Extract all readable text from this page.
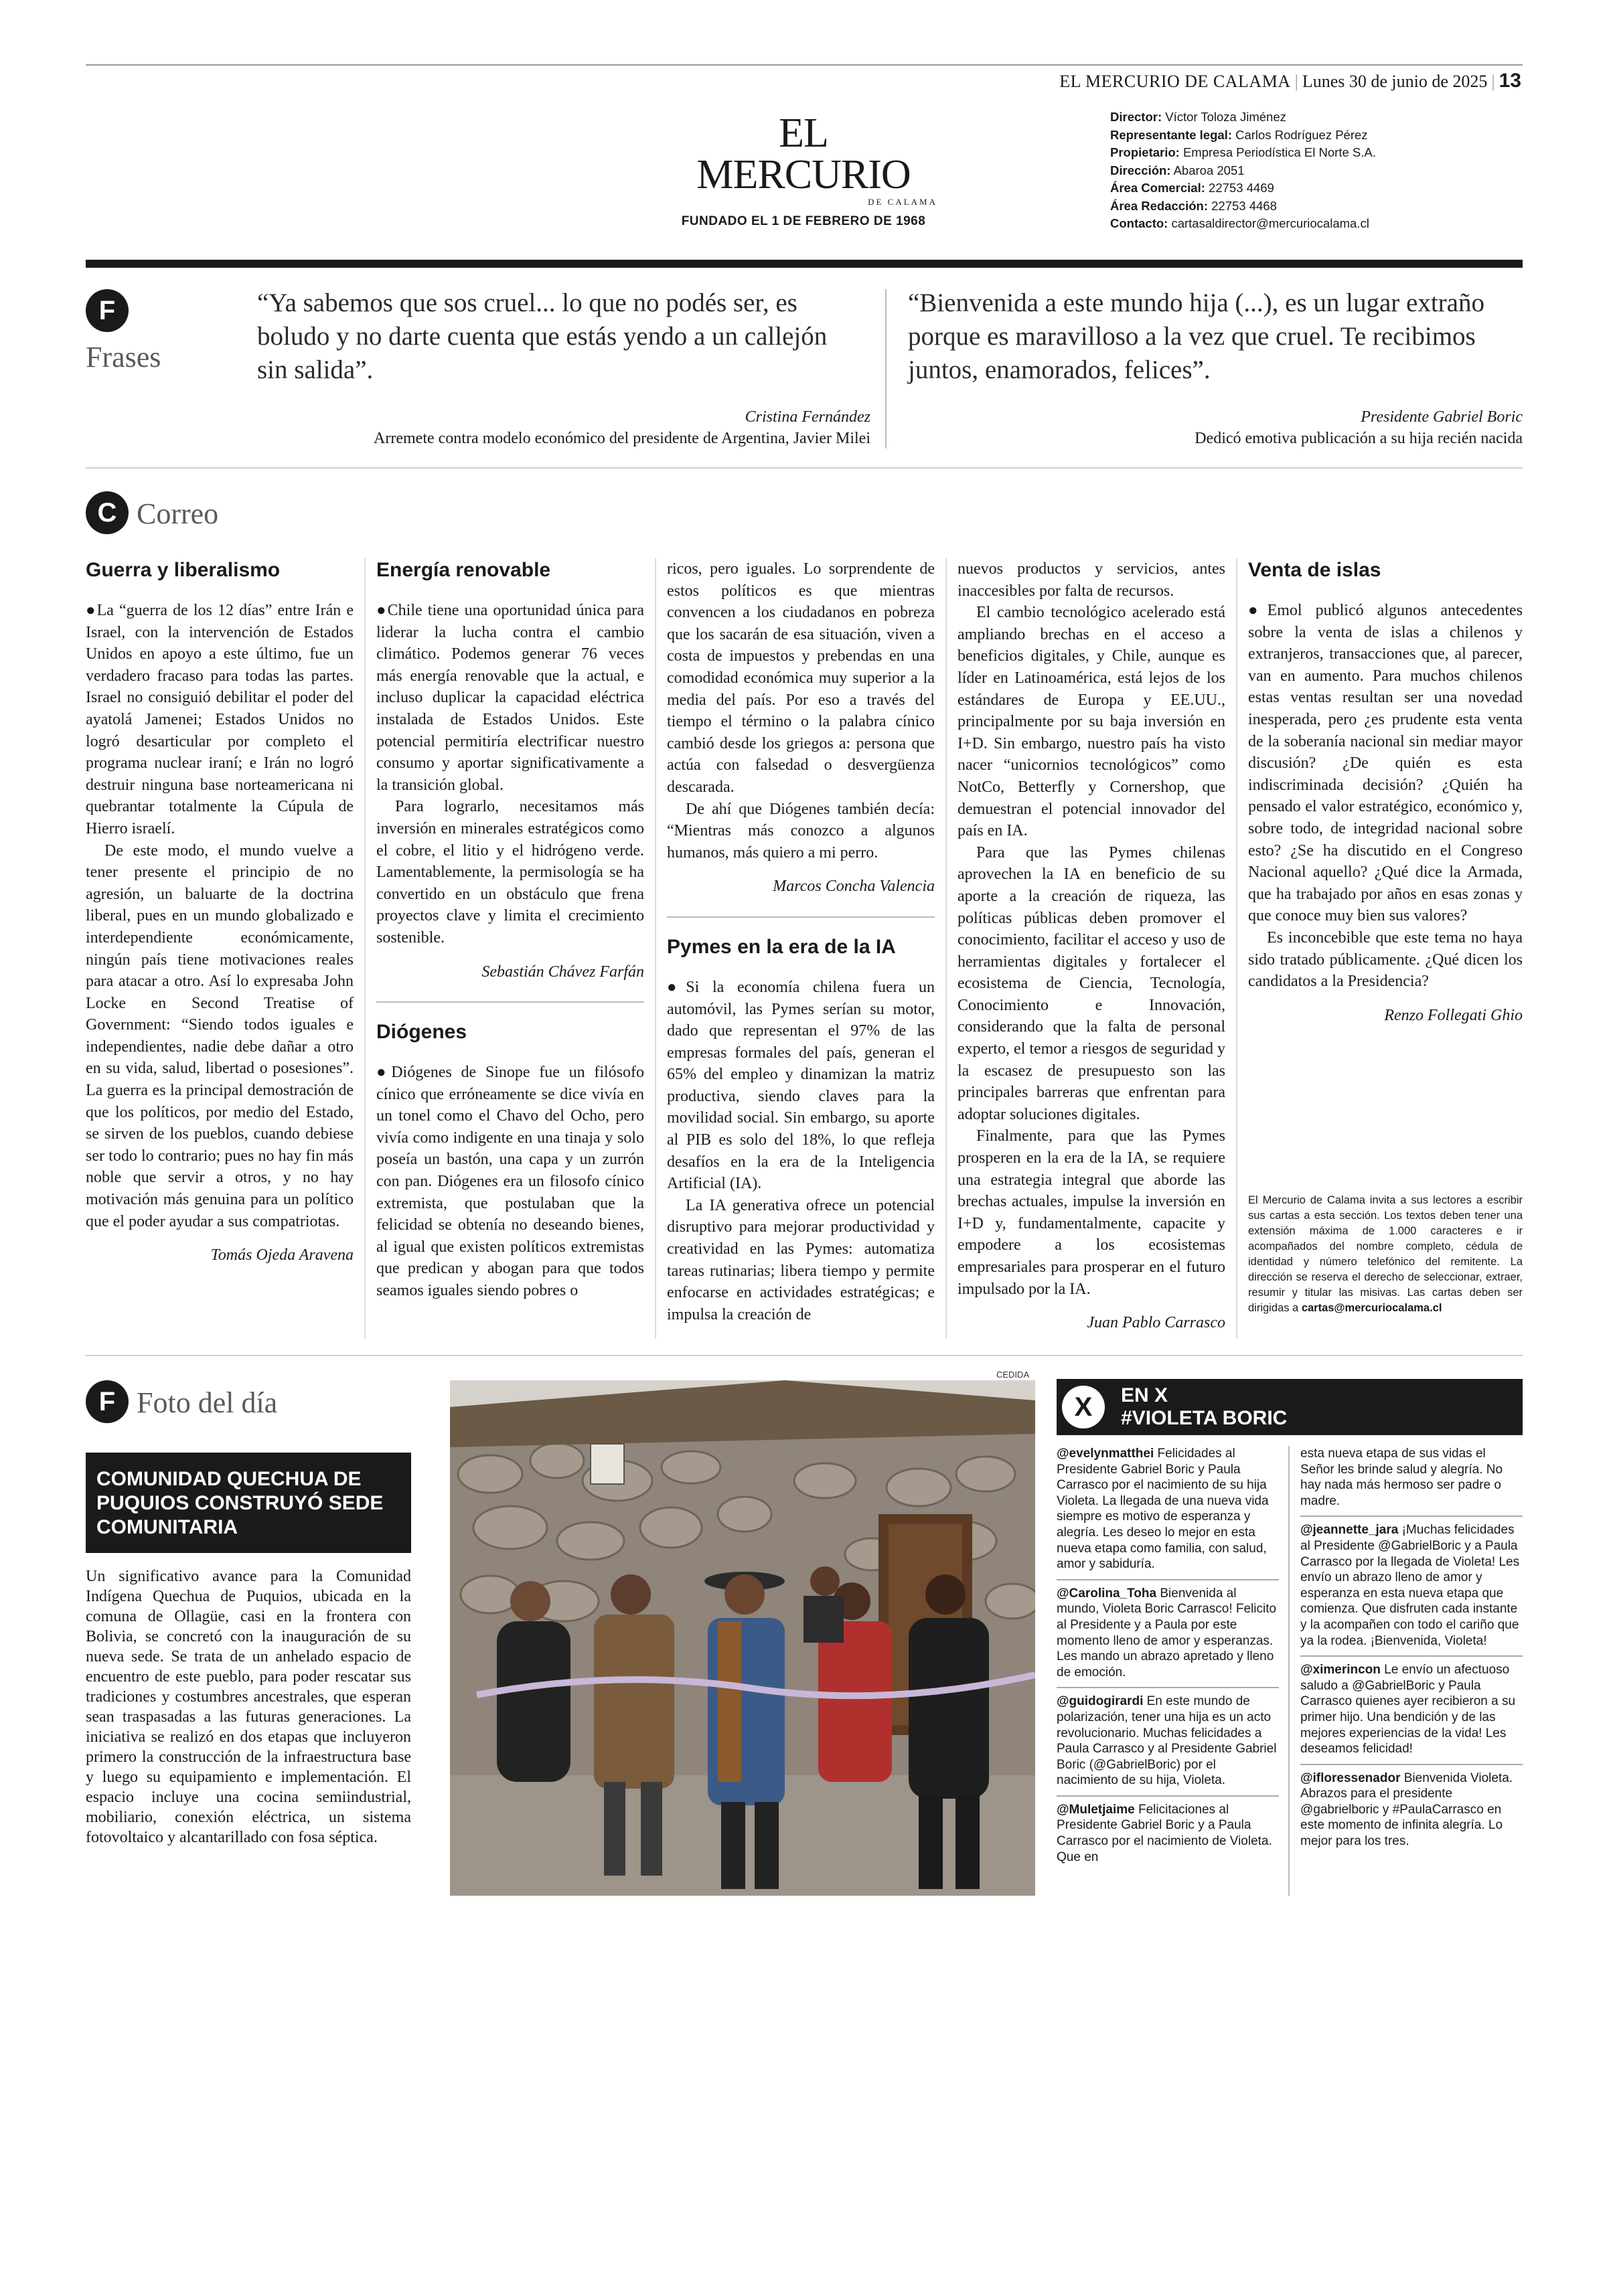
EL MERCURIO DE CALAMA | Lunes 30 de junio de 2025 | 13
EL MERCURIO
DE CALAMA
FUNDADO EL 1 DE FEBRERO DE 1968
Director: Víctor Toloza Jiménez
Representante legal: Carlos Rodríguez Pérez
Propietario: Empresa Periodística El Norte S.A.
Dirección: Abaroa 2051
Área Comercial: 22753 4469
Área Redacción: 22753 4468
Contacto: cartasaldirector@mercuriocalama.cl
F
Frases
“Ya sabemos que sos cruel... lo que no podés ser, es boludo y no darte cuenta que estás yendo a un callejón sin salida”.
Cristina Fernández
Arremete contra modelo económico del presidente de Argentina, Javier Milei
“Bienvenida a este mundo hija (...), es un lugar extraño porque es maravilloso a la vez que cruel. Te recibimos juntos, enamorados, felices”.
Presidente Gabriel Boric
Dedicó emotiva publicación a su hija recién nacida
C Correo
Guerra y liberalismo

●La “guerra de los 12 días” entre Irán e Israel, con la intervención de Estados Unidos en apoyo a este último, fue un verdadero fracaso para todas las partes. Israel no consiguió debilitar el poder del ayatolá Jamenei; Estados Unidos no logró desarticular por completo el programa nuclear iraní; e Irán no logró destruir ninguna base norteamericana ni quebrantar totalmente la Cúpula de Hierro israelí.

De este modo, el mundo vuelve a tener presente el principio de no agresión, un baluarte de la doctrina liberal, pues en un mundo globalizado e interdependiente económicamente, ningún país tiene motivaciones reales para atacar a otro. Así lo expresaba John Locke en Second Treatise of Government: “Siendo todos iguales e independientes, nadie debe dañar a otro en su vida, salud, libertad o posesiones”. La guerra es la principal demostración de que los políticos, por medio del Estado, se sirven de los pueblos, cuando debiese ser todo lo contrario; pues no hay fin más noble que servir a otros, y no hay motivación más genuina para un político que el poder ayudar a sus compatriotas.

Tomás Ojeda Aravena

Energía renovable

●Chile tiene una oportunidad única para liderar la lucha contra el cambio climático. Podemos generar 76 veces más energía renovable que la actual, e incluso duplicar la capacidad eléctrica instalada de Estados Unidos. Este potencial permitiría electrificar nuestro consumo y aportar significativamente a la transición global.

Para lograrlo, necesitamos más inversión en minerales estratégicos como el cobre, el litio y el hidrógeno verde. Lamentablemente, la permisología se ha convertido en un obstáculo que frena proyectos clave y limita el crecimiento sostenible.

Sebastián Chávez Farfán

Diógenes

●Diógenes de Sinope fue un filósofo cínico que erróneamente se dice vivía en un tonel como el Chavo del Ocho, pero vivía como indigente en una tinaja y solo poseía un bastón, una capa y un zurrón con pan. Diógenes era un filosofo cínico extremista, que postulaban que la felicidad se obtenía no deseando bienes, al igual que existen políticos extremistas que predican y abogan para que todos seamos iguales siendo pobres o

ricos, pero iguales. Lo sorprendente de estos políticos es que mientras convencen a los ciudadanos en pobreza que los sacarán de esa situación, viven a costa de impuestos y prebendas en una comodidad económica muy superior a la media del país. Por eso a través del tiempo el término o la palabra cínico cambió desde los griegos a: persona que actúa con falsedad o desvergüenza descarada.

De ahí que Diógenes también decía: “Mientras más conozco a algunos humanos, más quiero a mi perro.

Marcos Concha Valencia

Pymes en la era de la IA

●Si la economía chilena fuera un automóvil, las Pymes serían su motor, dado que representan el 97% de las empresas formales del país, generan el 65% del empleo y dinamizan la matriz productiva, siendo claves para la movilidad social. Sin embargo, su aporte al PIB es solo del 18%, lo que refleja desafíos en la era de la Inteligencia Artificial (IA).

La IA generativa ofrece un potencial disruptivo para mejorar productividad y creatividad en las Pymes: automatiza tareas rutinarias; libera tiempo y permite enfocarse en actividades estratégicas; e impulsa la creación de

nuevos productos y servicios, antes inaccesibles por falta de recursos.

El cambio tecnológico acelerado está ampliando brechas en el acceso a beneficios digitales, y Chile, aunque es líder en Latinoamérica, está lejos de los estándares de Europa y EE.UU., principalmente por su baja inversión en I+D. Sin embargo, nuestro país ha visto nacer “unicornios tecnológicos” como NotCo, Betterfly y Cornershop, que demuestran el potencial innovador del país en IA.

Para que las Pymes chilenas aprovechen la IA en beneficio de su aporte a la creación de riqueza, las políticas públicas deben promover el conocimiento, facilitar el acceso y uso de herramientas digitales y fortalecer el ecosistema de Ciencia, Tecnología, Conocimiento e Innovación, considerando que la falta de personal experto, el temor a riesgos de seguridad y la escasez de presupuesto son las principales barreras que enfrentan para adoptar soluciones digitales.

Finalmente, para que las Pymes prosperen en la era de la IA, se requiere una estrategia integral que aborde las brechas actuales, impulse la inversión en I+D y, fundamentalmente, capacite y empodere a los ecosistemas empresariales para prosperar en el futuro impulsado por la IA.

Juan Pablo Carrasco

Venta de islas

●Emol publicó algunos antecedentes sobre la venta de islas a chilenos y extranjeros, transacciones que, al parecer, van en aumento. Para muchos chilenos estas ventas resultan ser una novedad inesperada, pero ¿es prudente esta venta de la soberanía nacional sin mediar mayor discusión? ¿De quién es esta indiscriminada decisión? ¿Quién ha pensado el valor estratégico, económico y, sobre todo, de integridad nacional sobre esto? ¿Se ha discutido en el Congreso Nacional aquello? ¿Qué dice la Armada, que ha trabajado por años en esas zonas y que conoce muy bien sus valores?

Es inconcebible que este tema no haya sido tratado públicamente. ¿Qué dicen los candidatos a la Presidencia?

Renzo Follegati Ghio

El Mercurio de Calama invita a sus lectores a escribir sus cartas a esta sección. Los textos deben tener una extensión máxima de 1.000 caracteres e ir acompañados del nombre completo, cédula de identidad y número telefónico del remitente. La dirección se reserva el derecho de seleccionar, extraer, resumir y titular las misivas. Las cartas deben ser dirigidas a cartas@mercuriocalama.cl
F Foto del día
COMUNIDAD QUECHUA DE PUQUIOS CONSTRUYÓ SEDE COMUNITARIA
Un significativo avance para la Comunidad Indígena Quechua de Puquios, ubicada en la comuna de Ollagüe, casi en la frontera con Bolivia, se concretó con la inauguración de su nueva sede. Se trata de un anhelado espacio de encuentro de este pueblo, para poder rescatar sus tradiciones y costumbres ancestrales, que esperan sean traspasadas a las futuras generaciones. La iniciativa se realizó en dos etapas que incluyeron primero la construcción de la infraestructura base y luego su equipamiento e implementación. El espacio incluye una cocina semiindustrial, mobiliario, conexión eléctrica, un sistema fotovoltaico y alcantarillado con fosa séptica.
CEDIDA
X	EN X
#VIOLETA BORIC
@evelynmatthei Felicidades al Presidente Gabriel Boric y Paula Carrasco por el nacimiento de su hija Violeta. La llegada de una nueva vida siempre es motivo de esperanza y alegría. Les deseo lo mejor en esta nueva etapa como familia, con salud, amor y sabiduría.
@Carolina_Toha Bienvenida al mundo, Violeta Boric Carrasco! Felicito al Presidente y a Paula por este momento lleno de amor y esperanzas. Les mando un abrazo apretado y lleno de emoción.
@guidogirardi En este mundo de polarización, tener una hija es un acto revolucionario. Muchas felicidades a Paula Carrasco y al Presidente Gabriel Boric (@GabrielBoric) por el nacimiento de su hija, Violeta.
@Muletjaime Felicitaciones al Presidente Gabriel Boric y a Paula Carrasco por el nacimiento de Violeta. Que en
esta nueva etapa de sus vidas el Señor les brinde salud y alegría. No hay nada más hermoso ser padre o madre.
@jeannette_jara ¡Muchas felicidades al Presidente @GabrielBoric y a Paula Carrasco por la llegada de Violeta! Les envío un abrazo lleno de amor y esperanza en esta nueva etapa que comienza. Que disfruten cada instante y la acompañen con todo el cariño que ya la rodea. ¡Bienvenida, Violeta!
@ximerincon Le envío un afectuoso saludo a @GabrielBoric y Paula Carrasco quienes ayer recibieron a su primer hijo. Una bendición y de las mejores experiencias de la vida! Les deseamos felicidad!
@ifloressenador Bienvenida Violeta. Abrazos para el presidente @gabrielboric y #PaulaCarrasco en este momento de infinita alegría. Lo mejor para los tres.
